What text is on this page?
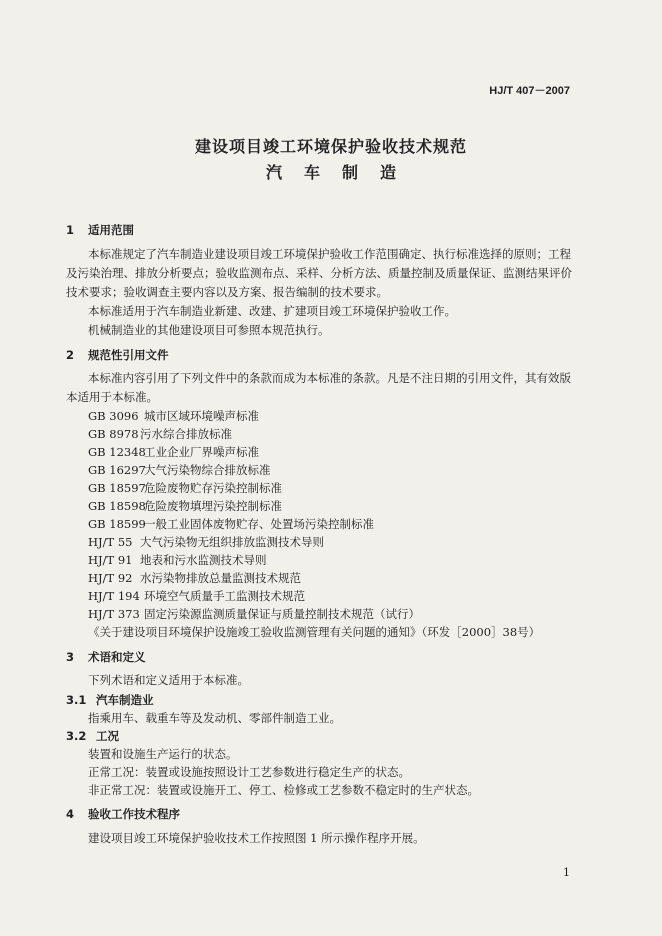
HJ/T 407－2007
建设项目竣工环境保护验收技术规范
汽车制造
1 适用范围
本标准规定了汽车制造业建设项目竣工环境保护验收工作范围确定、执行标准选择的原则；工程
及污染治理、排放分析要点；验收监测布点、采样、分析方法、质量控制及质量保证、监测结果评价
技术要求；验收调查主要内容以及方案、报告编制的技术要求。
本标准适用于汽车制造业新建、改建、扩建项目竣工环境保护验收工作。
机械制造业的其他建设项目可参照本规范执行。
2 规范性引用文件
本标准内容引用了下列文件中的条款而成为本标准的条款。凡是不注日期的引用文件，其有效版
本适用于本标准。
GB 3096 城市区域环境噪声标准
GB 8978污水综合排放标准
GB 12348工业企业厂界噪声标准
GB 16297大气污染物综合排放标准
GB 18597危险废物贮存污染控制标准
GB 18598危险废物填埋污染控制标准
GB 18599一般工业固体废物贮存、处置场污染控制标准
HJ/T 55 大气污染物无组织排放监测技术导则
HJ/T 91 地表和污水监测技术导则
HJ/T 92 水污染物排放总量监测技术规范
HJ/T 194 环境空气质量手工监测技术规范
HJ/T 373 固定污染源监测质量保证与质量控制技术规范（试行）
《关于建设项目环境保护设施竣工验收监测管理有关问题的通知》（环发［2000］38号）
3 术语和定义
下列术语和定义适用于本标准。
3.1 汽车制造业
指乘用车、载重车等及发动机、零部件制造工业。
3.2 工况
装置和设施生产运行的状态。
正常工况：装置或设施按照设计工艺参数进行稳定生产的状态。
非正常工况：装置或设施开工、停工、检修或工艺参数不稳定时的生产状态。
4 验收工作技术程序
建设项目竣工环境保护验收技术工作按照图 1 所示操作程序开展。
1
